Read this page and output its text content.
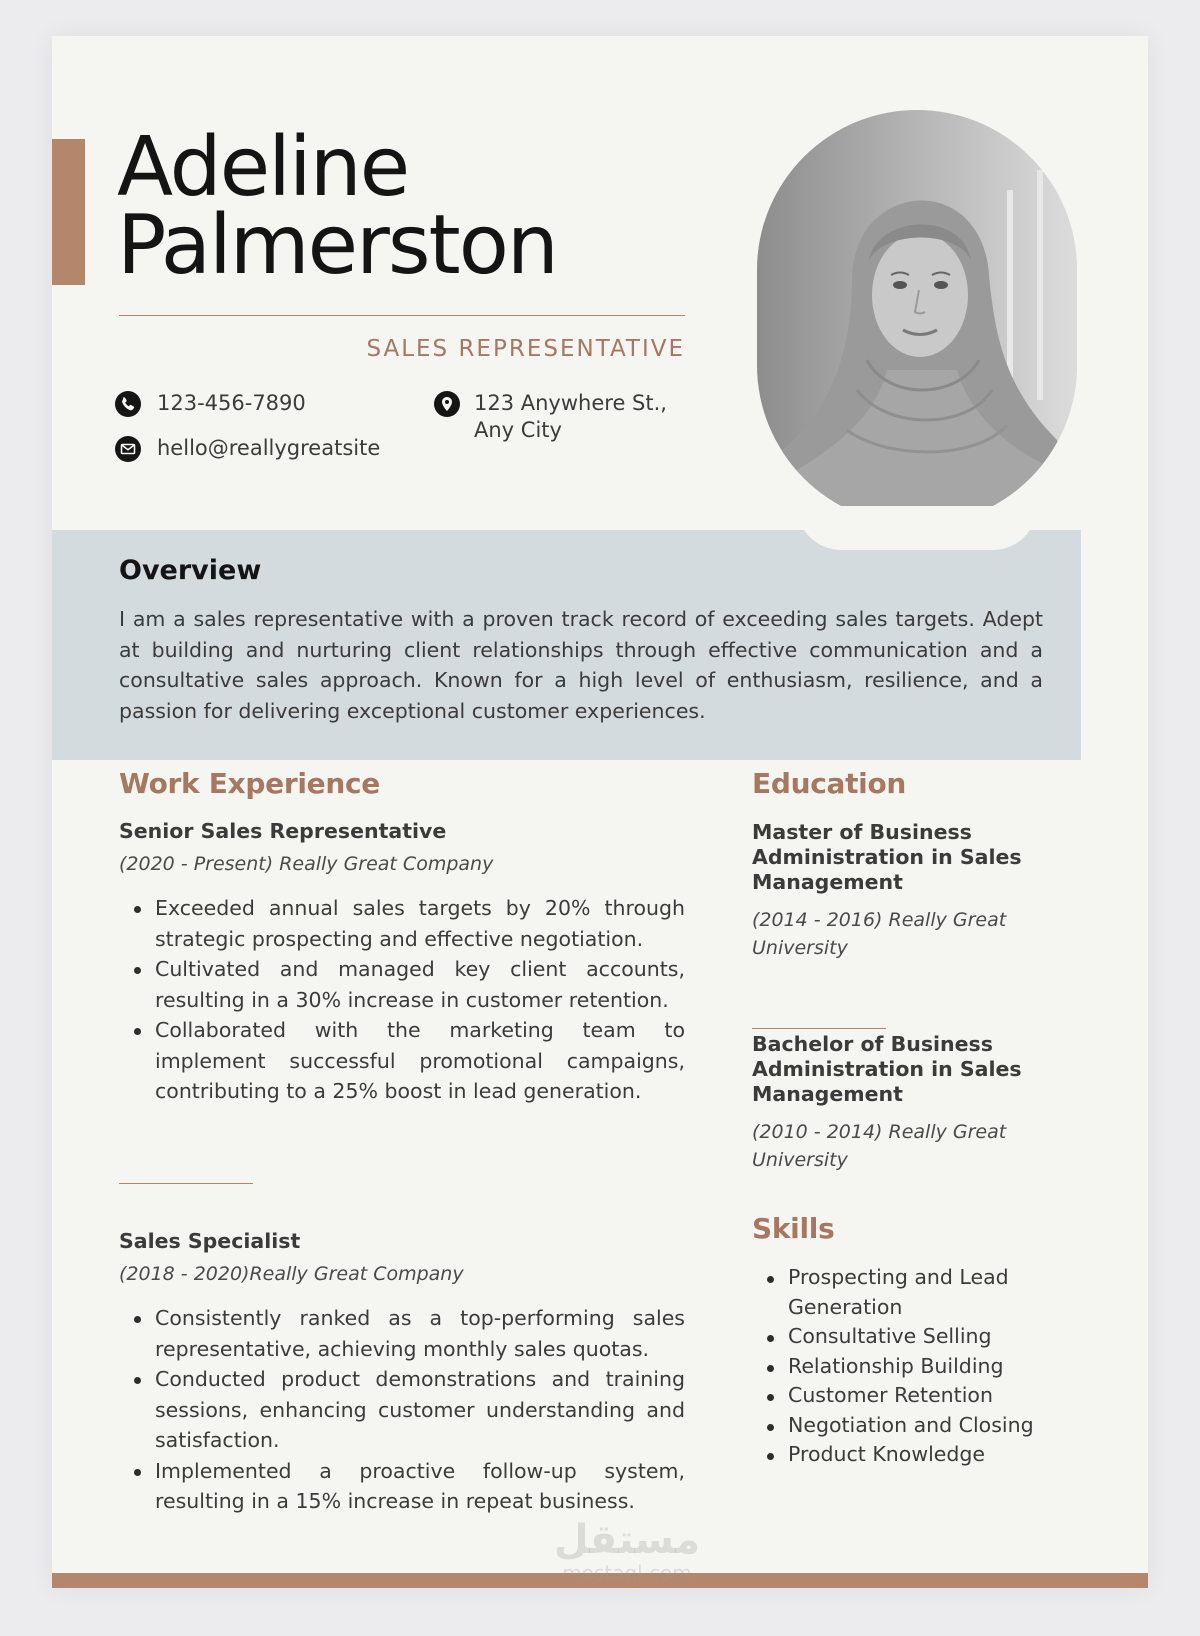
Adeline
Palmerston
SALES REPRESENTATIVE
123-456-7890
hello@reallygreatsite
123 Anywhere St.,
Any City
Overview

I am a sales representative with a proven track record of exceeding sales targets. Adept at building and nurturing client relationships through effective communication and a consultative sales approach. Known for a high level of enthusiasm, resilience, and a passion for delivering exceptional customer experiences.

Work Experience
Senior Sales Representative
(2020 - Present) Really Great Company
Exceeded annual sales targets by 20% through strategic prospecting and effective negotiation.
Cultivated and managed key client accounts, resulting in a 30% increase in customer retention.
Collaborated with the marketing team to implement successful promotional campaigns, contributing to a 25% boost in lead generation.
Sales Specialist
(2018 - 2020)Really Great Company
Consistently ranked as a top-performing sales representative, achieving monthly sales quotas.
Conducted product demonstrations and training sessions, enhancing customer understanding and satisfaction.
Implemented a proactive follow-up system, resulting in a 15% increase in repeat business.
Education
Master of Business
Administration in Sales
Management
(2014 - 2016) Really Great
University
Bachelor of Business
Administration in Sales
Management
(2010 - 2014) Really Great
University
Skills
Prospecting and Lead Generation
Consultative Selling
Relationship Building
Customer Retention
Negotiation and Closing
Product Knowledge
مستقل
mostaql.com
